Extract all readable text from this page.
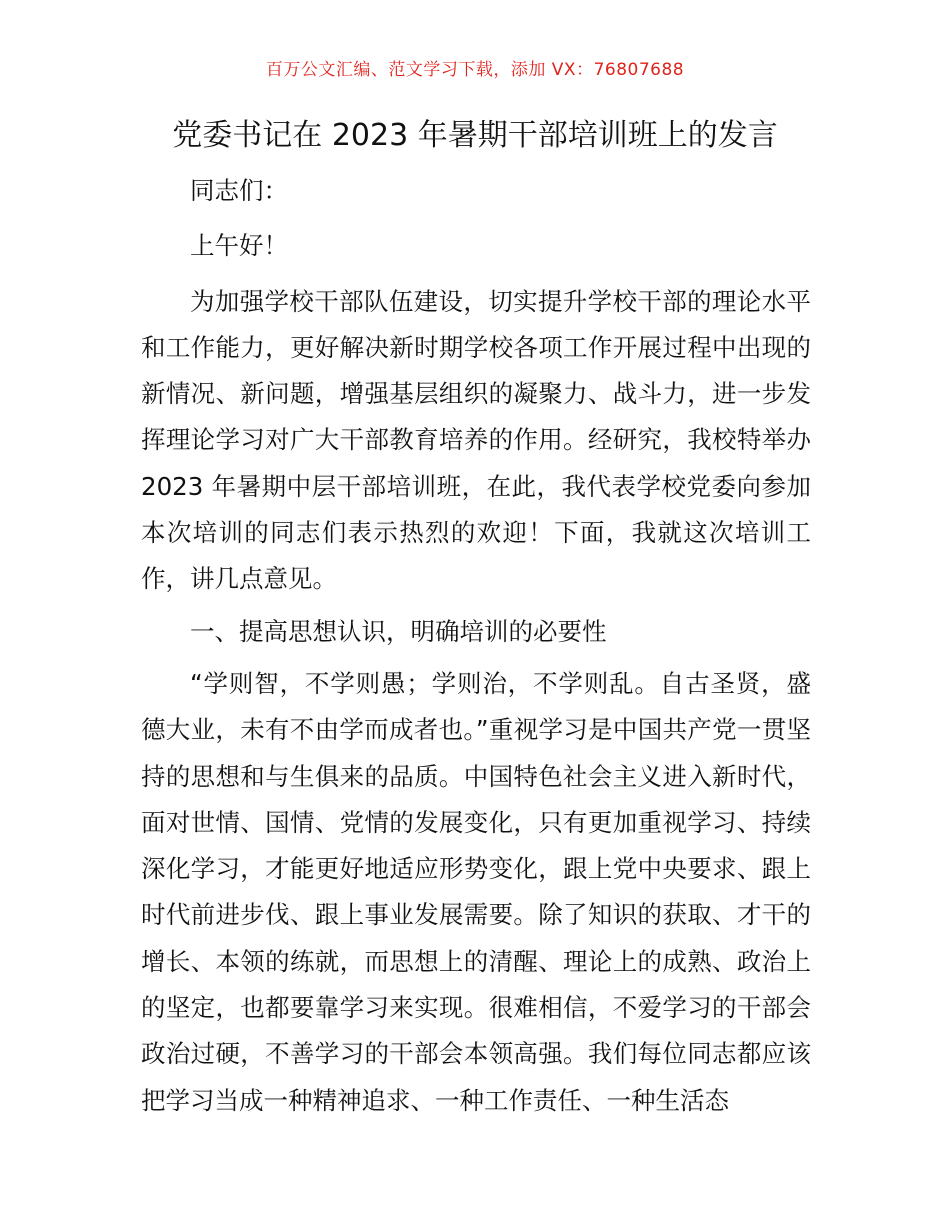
百万公文汇编、范文学习下载，添加 VX：76807688
党委书记在 2023 年暑期干部培训班上的发言

同志们：

上午好！

为加强学校干部队伍建设，切实提升学校干部的理论水平和工作能力，更好解决新时期学校各项工作开展过程中出现的新情况、新问题，增强基层组织的凝聚力、战斗力，进一步发挥理论学习对广大干部教育培养的作用。经研究，我校特举办 2023 年暑期中层干部培训班，在此，我代表学校党委向参加本次培训的同志们表示热烈的欢迎！下面，我就这次培训工作，讲几点意见。

一、提高思想认识，明确培训的必要性

“学则智，不学则愚；学则治，不学则乱。自古圣贤，盛德大业，未有不由学而成者也。”重视学习是中国共产党一贯坚持的思想和与生俱来的品质。中国特色社会主义进入新时代，面对世情、国情、党情的发展变化，只有更加重视学习、持续深化学习，才能更好地适应形势变化，跟上党中央要求、跟上时代前进步伐、跟上事业发展需要。除了知识的获取、才干的增长、本领的练就，而思想上的清醒、理论上的成熟、政治上的坚定，也都要靠学习来实现。很难相信，不爱学习的干部会政治过硬，不善学习的干部会本领高强。我们每位同志都应该把学习当成一种精神追求、一种工作责任、一种生活态
